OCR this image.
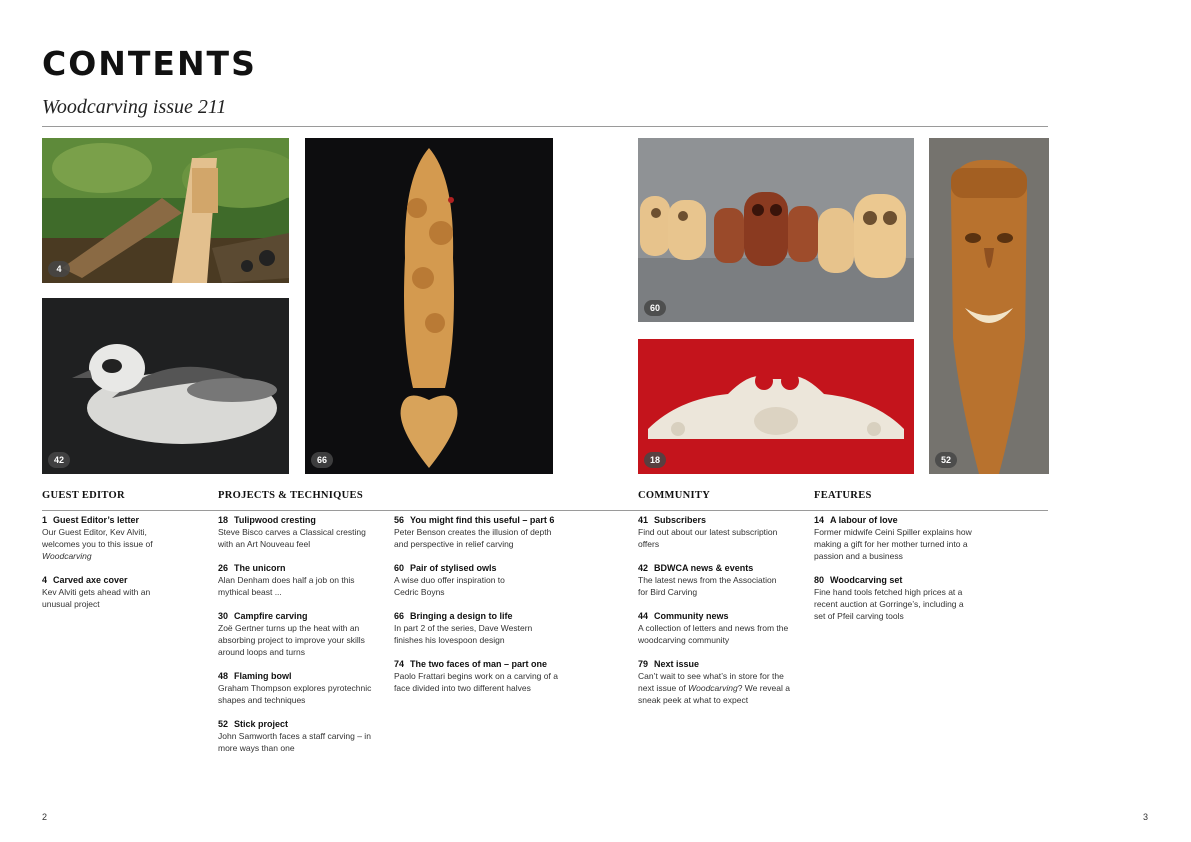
CONTENTS
Woodcarving issue 211
4
42	66
60
18	52
GUEST EDITOR	PROJECTS & TECHNIQUES	COMMUNITY	FEATURES
1 Guest Editor’s letter
Our Guest Editor, Kev Alviti, welcomes you to this issue of Woodcarving
4 Carved axe cover
Kev Alviti gets ahead with an unusual project
18 Tulipwood cresting
Steve Bisco carves a Classical cresting with an Art Nouveau feel
26 The unicorn
Alan Denham does half a job on this mythical beast ...
30 Campfire carving
Zoë Gertner turns up the heat with an absorbing project to improve your skills around loops and turns
48 Flaming bowl
Graham Thompson explores pyrotechnic shapes and techniques
52 Stick project
John Samworth faces a staff carving – in more ways than one
56 You might find this useful – part 6
Peter Benson creates the illusion of depth and perspective in relief carving
60 Pair of stylised owls
A wise duo offer inspiration to Cedric Boyns
66 Bringing a design to life
In part 2 of the series, Dave Western finishes his lovespoon design
74 The two faces of man – part one
Paolo Frattari begins work on a carving of a face divided into two different halves
41 Subscribers
Find out about our latest subscription offers
42 BDWCA news & events
The latest news from the Association for Bird Carving
44 Community news
A collection of letters and news from the woodcarving community
79 Next issue
Can’t wait to see what’s in store for the next issue of Woodcarving? We reveal a sneak peek at what to expect
14 A labour of love
Former midwife Ceini Spiller explains how making a gift for her mother turned into a passion and a business
80 Woodcarving set
Fine hand tools fetched high prices at a recent auction at Gorringe’s, including a set of Pfeil carving tools
2	3
